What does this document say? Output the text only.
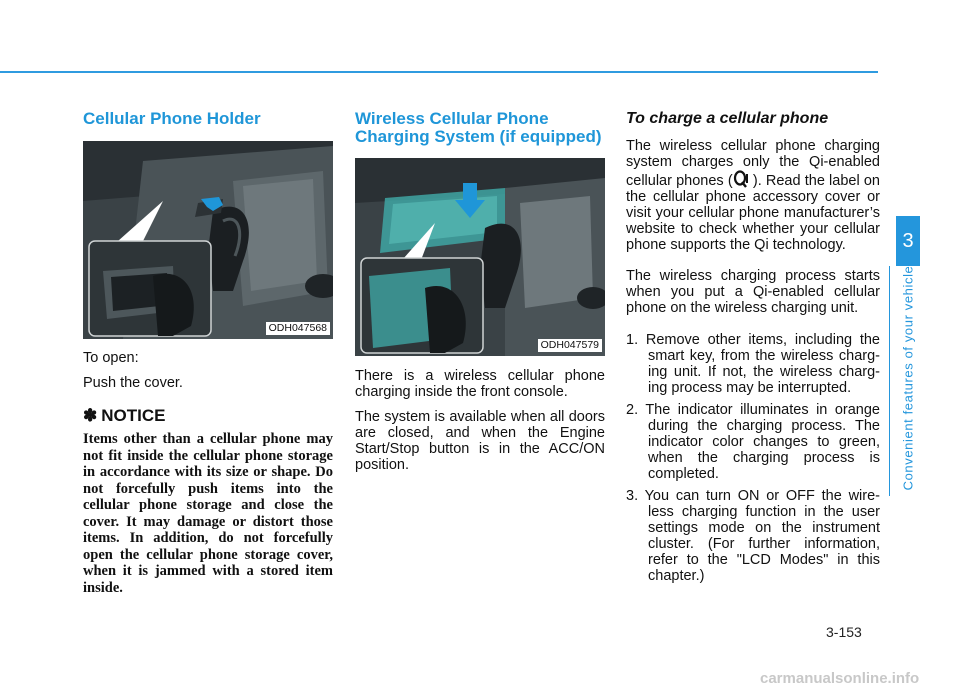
Cellular Phone Holder
ODH047568

To open:

Push the cover.

✽ NOTICE
Items other than a cellular phone may not fit inside the cellular phone storage in accordance with its size or shape. Do not forcefully push items into the cellular phone storage and close the cover. It may damage or distort those items. In addition, do not forcefully open the cellular phone storage cover, when it is jammed with a stored item inside.
Wireless Cellular Phone
Charging System (if equipped)
ODH047579

There is a wireless cellular phone charging inside the front console.

The system is available when all doors are closed, and when the Engine Start/Stop button is in the ACC/ON position.

To charge a cellular phone

The wireless cellular phone charging system charges only the Qi-enabled cellular phones ( ). Read the label on the cellular phone accessory cover or visit your cellular phone manufacturer’s website to check whether your cellular phone supports the Qi technology.

The wireless charging process starts when you put a Qi-enabled cellular phone on the wireless charging unit.

1. Remove other items, including the smart key, from the wireless charg-ing unit. If not, the wireless charg-ing process may be interrupted.
2. The indicator illuminates in orange during the charging process. The indicator color changes to green, when the charging process is completed.
3. You can turn ON or OFF the wire-less charging function in the user settings mode on the instrument cluster. (For further information, refer to the "LCD Modes" in this chapter.)
3
Convenient features of your vehicle
3-153
carmanualsonline.info
